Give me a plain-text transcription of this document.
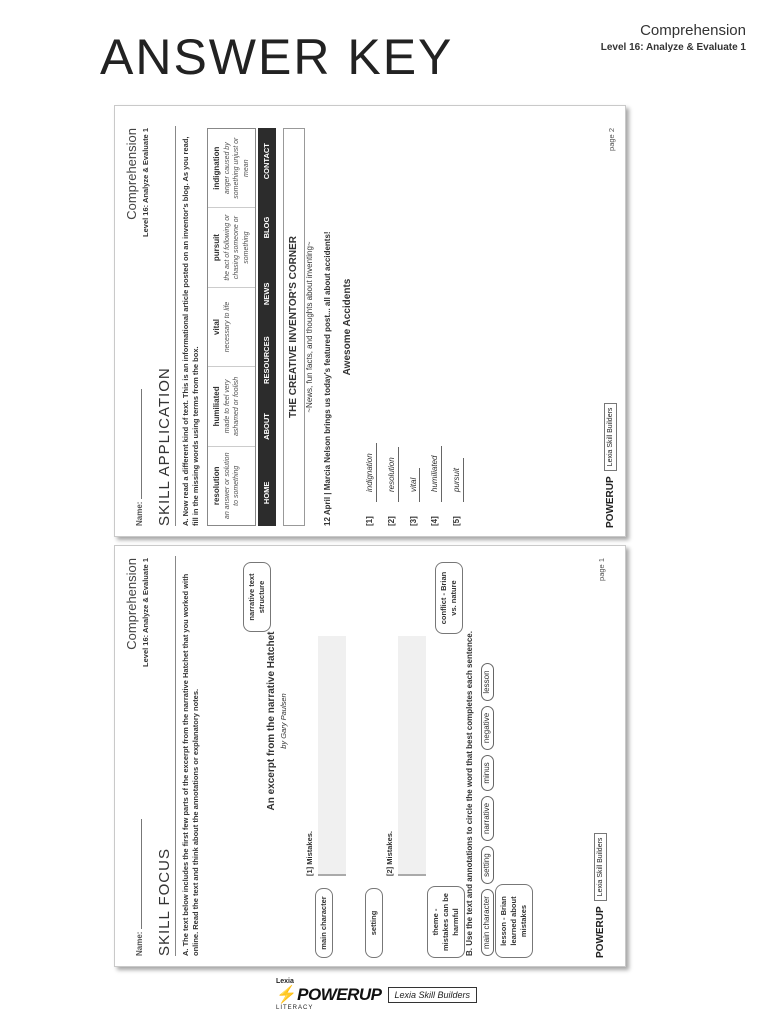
ANSWER KEY	Comprehension
Level 16: Analyze & Evaluate 1
Comprehension Level 16: Analyze & Evaluate 1
Name: SKILL APPLICATION	A. Now read a different kind of text. This is an informational article posted on an inventor's blog. As you read, fill in the missing words using terms from the box. resolution an answer or solution to something
humiliated made to feel very ashamed or foolish
vital necessary to life
pursuit the act of following or chasing someone or something
indignation anger caused by something unjust or mean
HOME
ABOUT
RESOURCES
NEWS
BLOG
CONTACT
THE CREATIVE INVENTOR'S CORNER ~News, fun facts, and thoughts about inventing~ 12 April | Marcia Nelson brings us today's featured post... all about accidents! Awesome Accidents
[1]
indignation
[2]
resolution
[3]
vital
[4]
humiliated
[5]
pursuit	POWERUP
Lexia Skill Builders
page 2
Comprehension Level 16: Analyze & Evaluate 1
Name: SKILL FOCUS	A. The text below includes the first few parts of the excerpt from the narrative Hatchet that you worked with online. Read the text and think about the annotations or explanatory notes.	An excerpt from the narrative Hatchet by Gary Paulsen
main character	setting	theme - mistakes can be harmful	lesson - Brian learned about mistakes
narrative text structure	conflict - Brian vs. nature
[1] Mistakes.	[2] Mistakes.	B. Use the text and annotations to circle the word that best completes each sentence. main character setting narrative minus negative lesson
POWERUP
Lexia Skill Builders
page 1
Lexia
⚡POWERUP
LITERACY
Lexia Skill Builders
